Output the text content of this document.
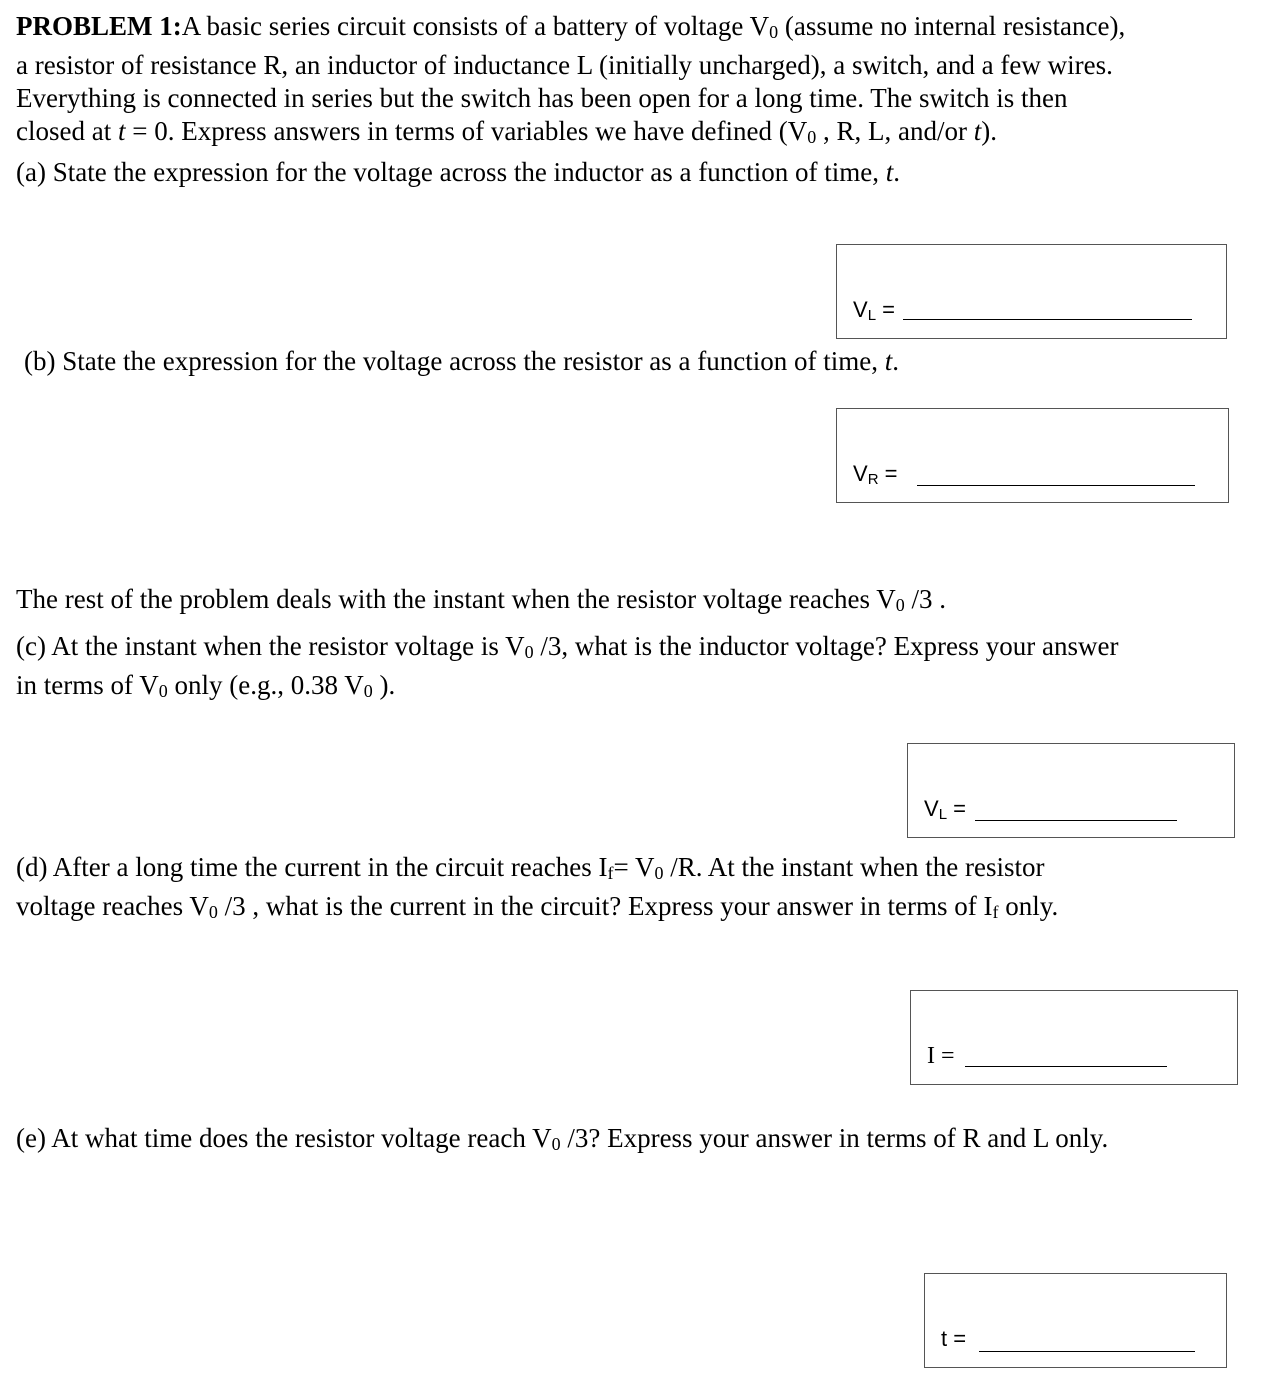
PROBLEM 1:A basic series circuit consists of a battery of voltage V0 (assume no internal resistance),
a resistor of resistance R, an inductor of inductance L (initially uncharged), a switch, and a few wires.
Everything is connected in series but the switch has been open for a long time. The switch is then
closed at t = 0. Express answers in terms of variables we have defined (V0 , R, L, and/or t).
(a) State the expression for the voltage across the inductor as a function of time, t.
$V_L$ =
(b) State the expression for the voltage across the resistor as a function of time, t.
$V_R$ =
The rest of the problem deals with the instant when the resistor voltage reaches V0 /3 .
(c) At the instant when the resistor voltage is V0 /3, what is the inductor voltage? Express your answer
in terms of V0 only (e.g., 0.38 V0 ).
$V_L$ =
(d) After a long time the current in the circuit reaches If= V0 /R. At the instant when the resistor
voltage reaches V0 /3 , what is the current in the circuit? Express your answer in terms of If only.
I =
(e) At what time does the resistor voltage reach V0 /3? Express your answer in terms of R and L only.
t =
